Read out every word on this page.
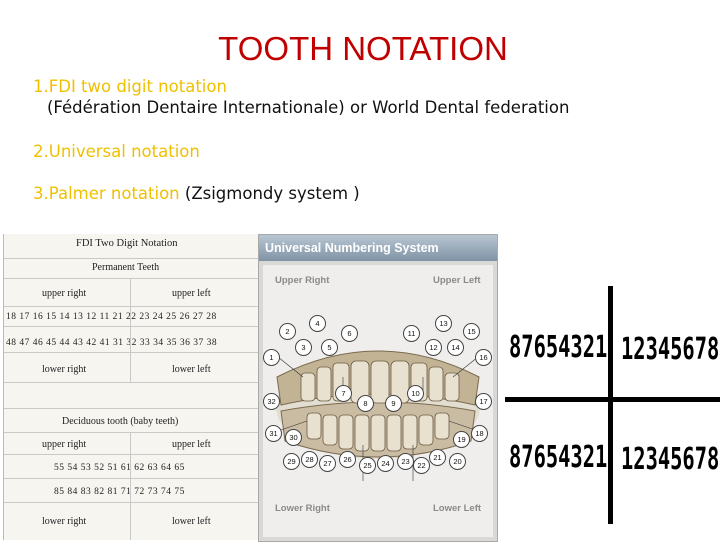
TOOTH NOTATION
1.FDI two digit notation
(Fédération Dentaire Internationale) or World Dental federation
2.Universal notation
3.Palmer notation (Zsigmondy system )
FDI Two Digit Notation
Permanent Teeth
upper right	upper left
18 17 16 15 14 13 12 11 21 22 23 24 25 26 27 28
48 47 46 45 44 43 42 41 31 32 33 34 35 36 37 38
lower right	lower left
Deciduous tooth (baby teeth)
upper right	upper left
55 54 53 52 51 61 62 63 64 65
85 84 83 82 81 71 72 73 74 75
lower right	lower left
Universal Numbering System
Upper Right	Upper Left
Lower Right	Lower Left
1
2
3
4
5
6
7
8	9
10
11
12
13
14
15
16
17
18
19
20
21
22
23
24
25
26
27
28
29
30
31
32
87654321 12345678
87654321 12345678
